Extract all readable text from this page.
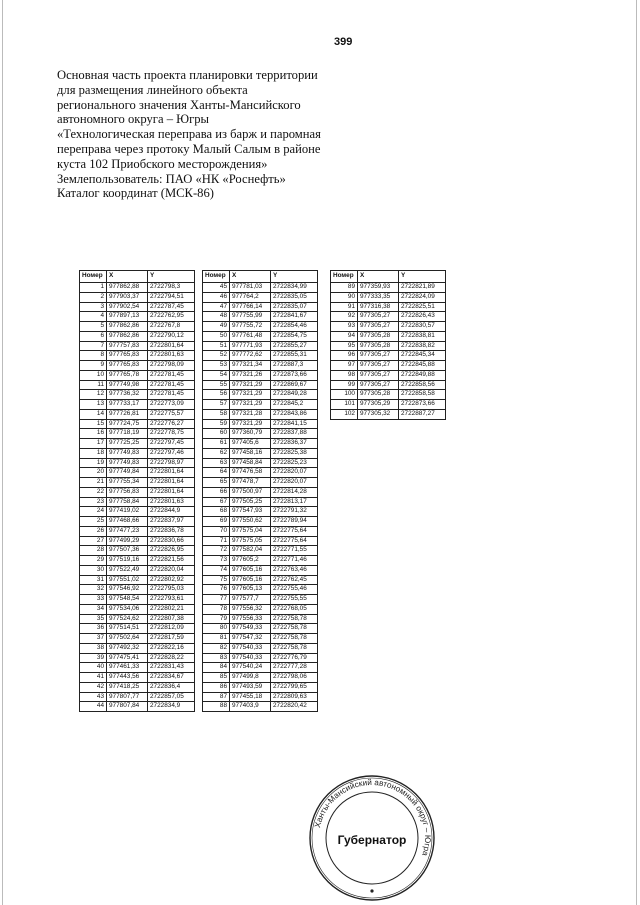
399
Основная часть проекта планировки территории
для размещения линейного объекта
регионального значения Ханты-Мансийского
автономного округа – Югры
«Технологическая переправа из барж и паромная
переправа через протоку Малый Салым в районе
куста 102 Приобского месторождения»
Землепользователь: ПАО «НК «Роснефть»
Каталог координат (МСК-86)
Номер	X	Y
1	977862,88	2722798,3
2	977903,37	2722794,51
3	977902,54	2722787,45
4	977897,13	2722762,95
5	977862,86	2722767,8
6	977862,86	2722790,12
7	977757,83	2722801,64
8	977765,83	2722801,63
9	977765,83	2722798,09
10	977765,78	2722781,45
11	977749,98	2722781,45
12	977736,32	2722781,45
13	977733,17	2722773,09
14	977726,81	2722775,57
15	977724,75	2722776,27
16	977718,19	2722778,75
17	977725,25	2722797,45
18	977749,83	2722797,46
19	977749,83	2722798,97
20	977749,84	2722801,64
21	977755,34	2722801,64
22	977756,83	2722801,64
23	977758,84	2722801,63
24	977419,02	2722844,9
25	977468,66	2722837,97
26	977477,23	2722836,78
27	977499,29	2722830,66
28	977507,36	2722826,95
29	977519,16	2722821,56
30	977522,49	2722820,04
31	977551,02	2722802,92
32	977546,92	2722795,03
33	977548,54	2722793,61
34	977534,06	2722802,21
35	977524,62	2722807,38
36	977514,51	2722812,09
37	977502,64	2722817,59
38	977492,32	2722822,16
39	977475,41	2722828,22
40	977461,33	2722831,43
41	977443,56	2722834,67
42	977418,25	2722836,4
43	977807,77	2722857,05
44	977807,84	2722834,9
Номер	X	Y
45	977781,03	2722834,99
46	977764,2	2722835,05
47	977766,14	2722835,07
48	977755,99	2722841,67
49	977755,72	2722854,46
50	977761,48	2722854,75
51	977771,93	2722855,27
52	977772,62	2722855,31
53	977321,34	2722887,3
54	977321,26	2722873,66
55	977321,29	2722869,67
56	977321,29	2722849,28
57	977321,29	2722845,2
58	977321,28	2722843,86
59	977321,29	2722841,15
60	977360,79	2722837,88
61	977405,6	2722836,37
62	977458,16	2722825,38
63	977458,84	2722825,23
64	977476,58	2722820,07
65	977478,7	2722820,07
66	977500,97	2722814,28
67	977505,25	2722813,17
68	977547,93	2722791,32
69	977550,62	2722789,94
70	977575,04	2722775,64
71	977575,05	2722775,64
72	977582,04	2722771,55
73	977605,2	2722771,46
74	977605,16	2722763,46
75	977605,16	2722762,45
76	977605,13	2722755,46
77	977577,7	2722755,55
78	977556,32	2722768,05
79	977556,33	2722758,78
80	977549,33	2722758,78
81	977547,32	2722758,78
82	977540,33	2722758,78
83	977540,33	2722776,79
84	977540,24	2722777,28
85	977499,8	2722798,06
86	977493,59	2722799,65
87	977455,18	2722809,63
88	977403,9	2722820,42
Номер	X	Y
89	977359,93	2722821,89
90	977333,35	2722824,09
91	977316,38	2722825,51
92	977305,27	2722826,43
93	977305,27	2722830,57
94	977305,28	2722838,81
95	977305,28	2722838,82
96	977305,27	2722845,34
97	977305,27	2722845,88
98	977305,27	2722849,88
99	977305,27	2722858,56
100	977305,28	2722858,58
101	977305,29	2722873,66
102	977305,32	2722887,27
Ханты-Мансийский автономный округ – Югра
Губернатор
